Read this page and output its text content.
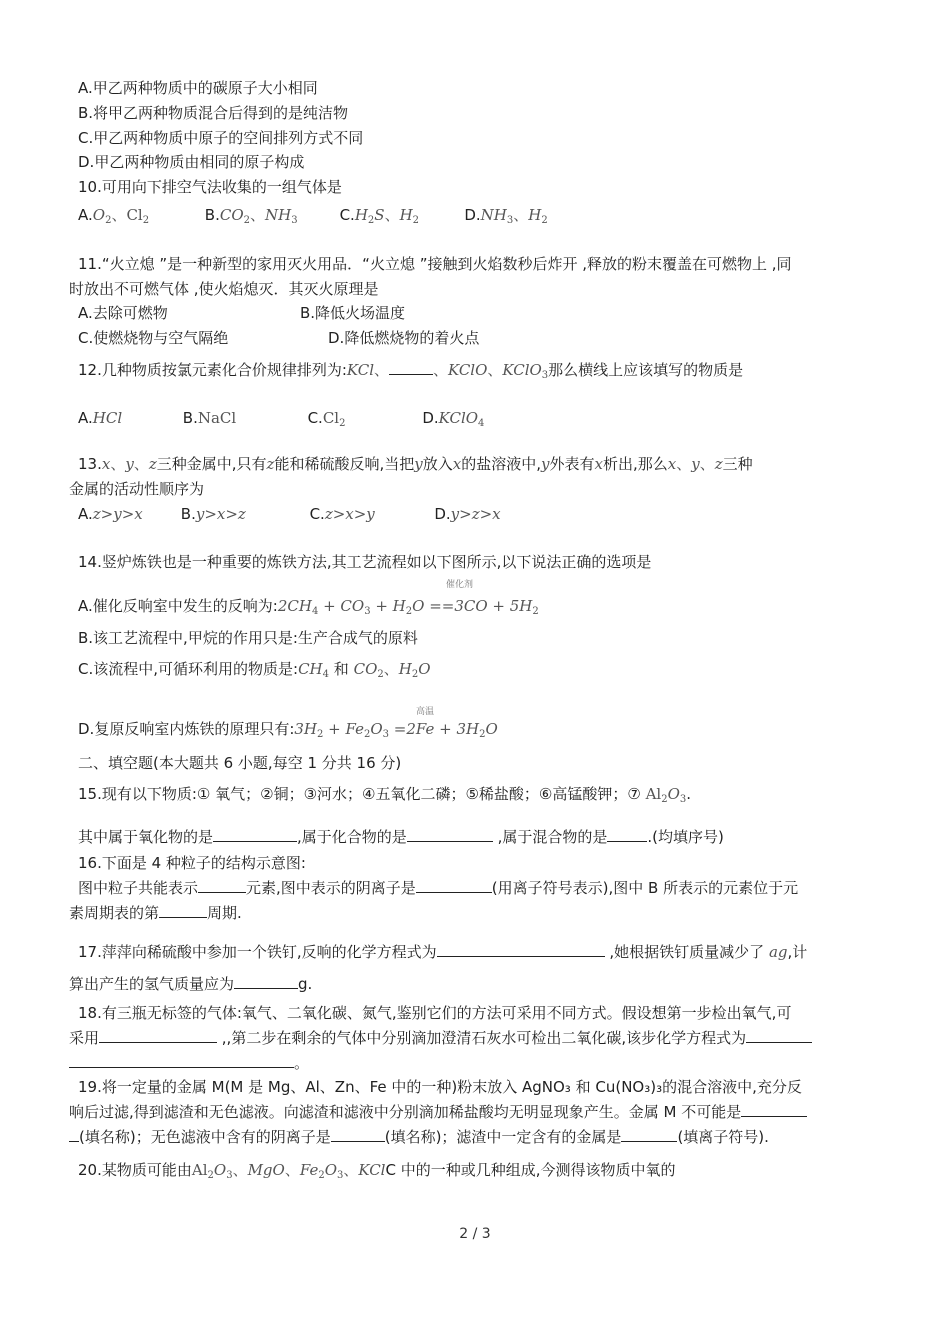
A.甲乙两种物质中的碳原子大小相同
B.将甲乙两种物质混合后得到的是纯洁物
C.甲乙两种物质中原子的空间排列方式不同
D.甲乙两种物质由相同的原子构成
10.可用向下排空气法收集的一组气体是
$A.O_2$、$Cl_2$	$B.CO_2$、$NH_3$	$C.H_2S$、$H_2$	$D.NH_3$、$H_2$
11.“火立熄 ”是一种新型的家用灭火用品．“火立熄 ”接触到火焰数秒后炸开 ,释放的粉末覆盖在可燃物上 ,同
时放出不可燃气体 ,使火焰熄灭．其灭火原理是
A.去除可燃物	B.降低火场温度
C.使燃烧物与空气隔绝	D.降低燃烧物的着火点
12.几种物质按氯元素化合价规律排列为:KCl、	、KClO、KClO$_3$那么横线上应该填写的物质是
A.HCl	B.NaCl	$C.Cl_2$	D.KClO$_4$
13.x、y、z三种金属中,只有z能和稀硫酸反响,当把y放入x的盐溶液中,y外表有x析出,那么x、y、z三种
金属的活动性顺序为
A.z>y>x	B.y>x>z	C.z>x>y	D.y>z>x
14.竖炉炼铁也是一种重要的炼铁方法,其工艺流程如以下图所示,以下说法正确的选项是
A.催化反响室中发生的反响为$:2CH_4 + CO_3 + H_2O ==3CO + 5H_2$
催化剂
B.该工艺流程中,甲烷的作用只是:生产合成气的原料
C.该流程中,可循环利用的物质是$:CH_4$ 和 $CO_2$、$H_2O$
D.复原反响室内炼铁的原理只有$:3H_2 + Fe_2O_3 =2Fe + 3H_2O$
高温
二、填空题(本大题共 6 小题,每空 1 分共 16 分)
15.现有以下物质:① 氧气；②铜；③河水；④五氧化二磷；⑤稀盐酸；⑥高锰酸钾；⑦ $Al_2O_3$.
其中属于氧化物的是	,属于化合物的是	,属于混合物的是	.(均填序号)
16.下面是 4 种粒子的结构示意图:
图中粒子共能表示	元素,图中表示的阴离子是	(用离子符号表示),图中 B 所表示的元素位于元
素周期表的第	周期.
17.萍萍向稀硫酸中参加一个铁钉,反响的化学方程式为	,她根据铁钉质量减少了 ag,计
算出产生的氢气质量应为	g.
18.有三瓶无标签的气体:氧气、二氧化碳、氮气,鉴别它们的方法可采用不同方式。假设想第一步检出氧气,可
采用	,,第二步在剩余的气体中分别滴加澄清石灰水可检出二氧化碳,该步化学方程式为
。
19.将一定量的金属 M(M 是 Mg、Al、Zn、Fe 中的一种)粉末放入 AgNO₃ 和 Cu(NO₃)₃的混合溶液中,充分反
响后过滤,得到滤渣和无色滤液。向滤渣和滤液中分别滴加稀盐酸均无明显现象产生。金属 M 不可能是
(填名称)；无色滤液中含有的阴离子是	(填名称)；滤渣中一定含有的金属是	(填离子符号).
20.某物质可能由$Al_2O_3$、MgO、$Fe_2O_3$、KClC 中的一种或几种组成,今测得该物质中氧的
2 / 3
